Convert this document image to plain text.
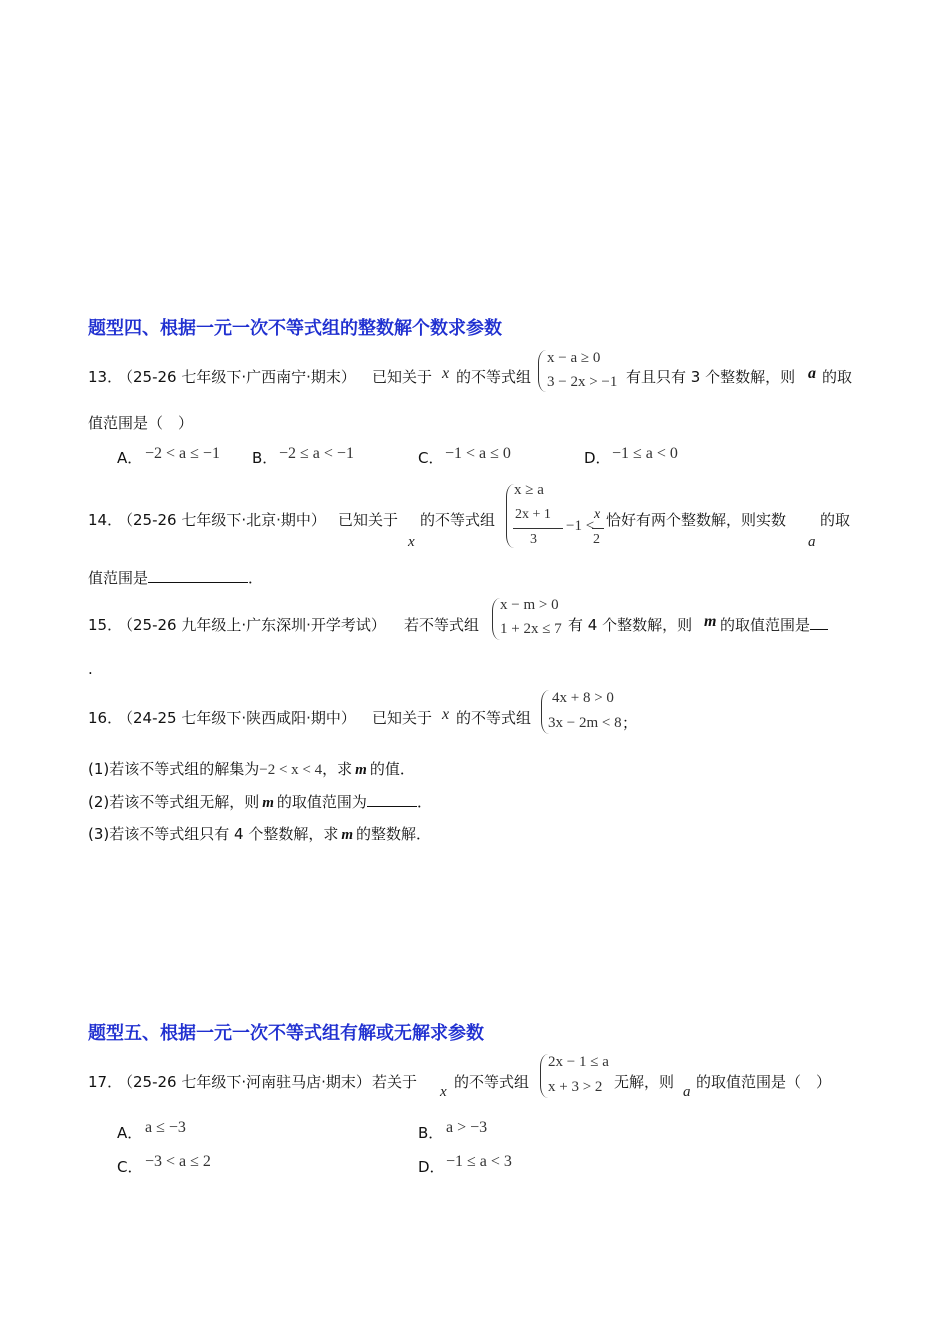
题型四、根据一元一次不等式组的整数解个数求参数
13．
（25-26 七年级下·广西南宁·期末） 已知关于 x 的不等式组
x − a ≥ 0
3 − 2x > −1 有且只有 3 个整数解，则 a 的取
值范围是（　）
A． −2 < a ≤ −1 B． −2 ≤ a < −1	C． −1 < a ≤ 0	D． −1 ≤ a < 0
14．
（25-26 七年级下·北京·期中） 已知关于
x
的不等式组
x ≥ a
2x + 1
3
−1 <
x
2
恰好有两个整数解，则实数
a
的取
值范围是	．
15．
（25-26 九年级上·广东深圳·开学考试） 若不等式组
x − m > 0
1 + 2x ≤ 7 有 4 个整数解，则 m 的取值范围是
.
16．
（24-25 七年级下·陕西咸阳·期中） 已知关于 x 的不等式组
4x + 8 > 0
3x − 2m < 8 ；
(1)若该不等式组的解集为−2 < x < 4，求 m 的值．
(2)若该不等式组无解，则 m 的取值范围为	．
(3)若该不等式组只有 4 个整数解，求 m 的整数解．
题型五、根据一元一次不等式组有解或无解求参数
17．
（25-26 七年级下·河南驻马店·期末） 若关于
x
的不等式组
2x − 1 ≤ a
x + 3 > 2 无解，则
a
的取值范围是（　）
A． a ≤ −3	B． a > −3
C． −3 < a ≤ 2	D． −1 ≤ a < 3
